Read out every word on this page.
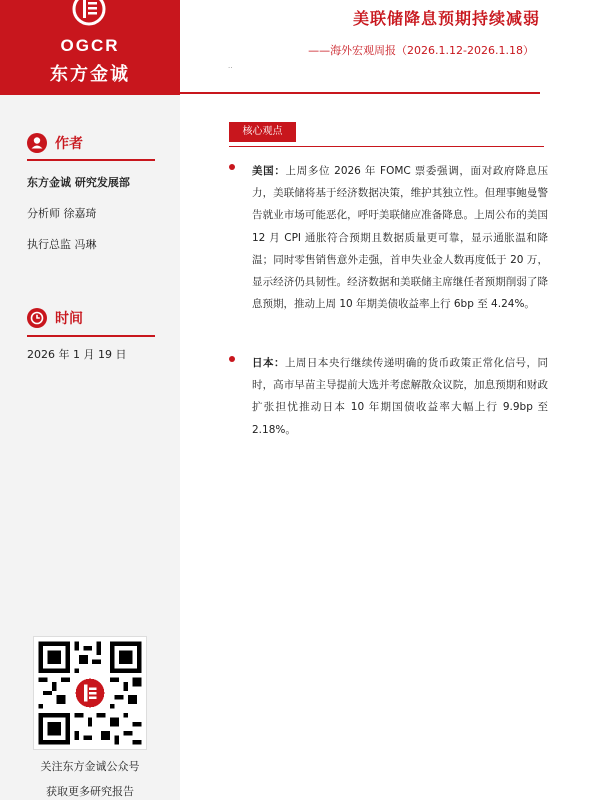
OGCR
东方金诚
美联储降息预期持续减弱
——海外宏观周报（2026.1.12-2026.1.18）
··
作者
东方金诚 研究发展部
分析师 徐嘉琦
执行总监 冯琳
时间
2026 年 1 月 19 日
关注东方金诚公众号
获取更多研究报告
核心观点
美国：上周多位 2026 年 FOMC 票委强调，面对政府降息压力，美联储将基于经济数据决策，维护其独立性。但理事鲍曼警告就业市场可能恶化，呼吁美联储应准备降息。上周公布的美国 12 月 CPI 通胀符合预期且数据质量更可靠，显示通胀温和降温；同时零售销售意外走强，首申失业金人数再度低于 20 万，显示经济仍具韧性。经济数据和美联储主席继任者预期削弱了降息预期，推动上周 10 年期美债收益率上行 6bp 至 4.24%。
日本：上周日本央行继续传递明确的货币政策正常化信号，同时，高市早苗主导提前大选并考虑解散众议院，加息预期和财政扩张担忧推动日本 10 年期国债收益率大幅上行 9.9bp 至 2.18%。
